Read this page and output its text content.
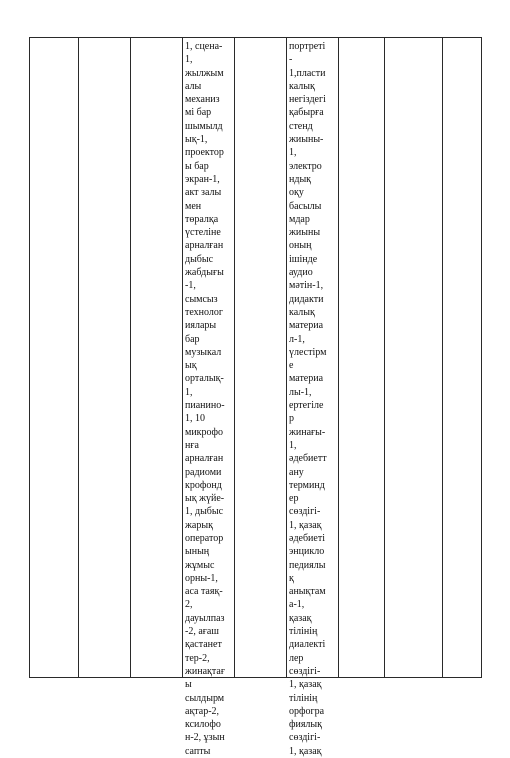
1, сцена-
1,
жылжым
алы
механиз
мі бар
шымылд
ық-1,
проектор
ы бар
экран-1,
акт залы
мен
төралқа
үстеліне
арналған
дыбыс
жабдығы
-1,
сымсыз
технолог
иялары
бар
музыкал
ық
орталық-
1,
пианино-
1, 10
микрофо
нға
арналған
радиоми
крофонд
ық жүйе-
1, дыбыс
жарық
оператор
ының
жұмыс
орны-1,
аса таяқ-
2,
дауылпаз
-2, ағаш
қастанет
тер-2,
жинақтағ
ы
сылдырм
ақтар-2,
ксилофо
н-2, ұзын
сапты
портреті
-
1,пласти
калық
негіздегі
қабырға
стенд
жиыны-
1,
электро
ндық
оқу
басылы
мдар
жиыны
оның
ішінде
аудио
мәтін-1,
дидакти
калық
материа
л-1,
үлестірм
е
материа
лы-1,
ертегіле
р
жинағы-
1,
әдебиетт
ану
терминд
ер
сөздігі-
1, қазақ
әдебиеті
энцикло
педиялы
қ
анықтам
а-1,
қазақ
тілінің
диалектi
лер
сөздігі-
1, қазақ
тілінің
орфогра
фиялық
сөздігі-
1, қазақ
